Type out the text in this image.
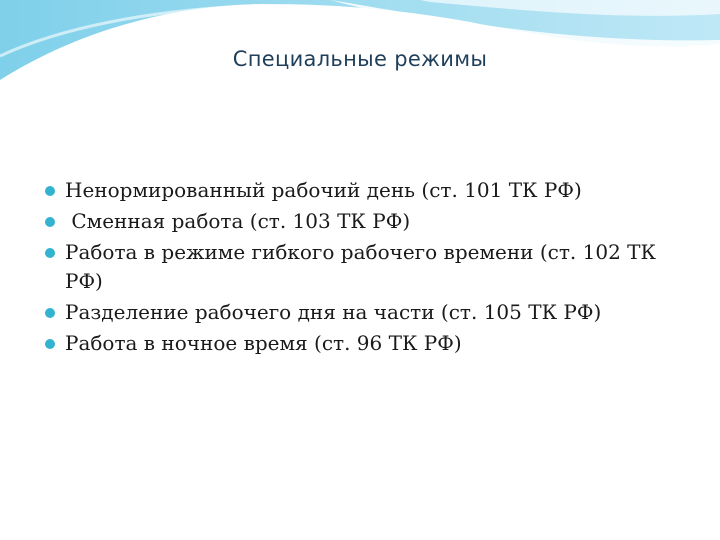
Специальные режимы
Ненормированный рабочий день (ст. 101 ТК РФ)
Сменная работа (ст. 103 ТК РФ)
Работа в режиме гибкого рабочего времени (ст. 102 ТК РФ)
Разделение рабочего дня на части (ст. 105 ТК РФ)
Работа в ночное время (ст. 96 ТК РФ)
